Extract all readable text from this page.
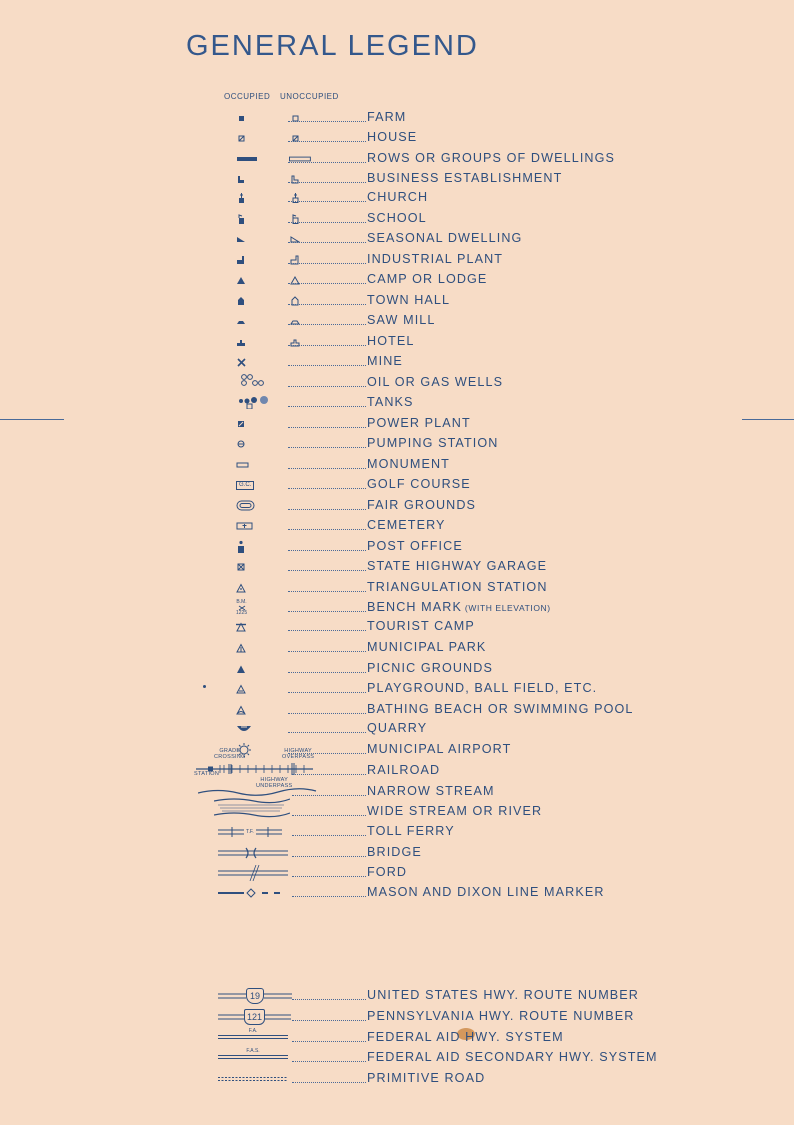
GENERAL LEGEND
OCCUPIED UNOCCUPIED
FARM
HOUSE
ROWS OR GROUPS OF DWELLINGS
BUSINESS ESTABLISHMENT
CHURCH
SCHOOL
SEASONAL DWELLING
INDUSTRIAL PLANT
CAMP OR LODGE
TOWN HALL
SAW MILL
HOTEL
MINE
OIL OR GAS WELLS
TANKS
POWER PLANT
PUMPING STATION
MONUMENT
G.C.	GOLF COURSE
FAIR GROUNDS
CEMETERY
POST OFFICE
STATE HIGHWAY GARAGE
TRIANGULATION STATION
B.M.
1225	BENCH MARK (WITH ELEVATION)
TOURIST CAMP
MUNICIPAL PARK
PICNIC GROUNDS
PLAYGROUND, BALL FIELD, ETC.
BATHING BEACH OR SWIMMING POOL
QUARRY
MUNICIPAL AIRPORT
RAILROAD
NARROW STREAM
WIDE STREAM OR RIVER
T.F.	TOLL FERRY
BRIDGE
FORD
MASON AND DIXON LINE MARKER
19	UNITED STATES HWY. ROUTE NUMBER
121	PENNSYLVANIA HWY. ROUTE NUMBER
F.A.	FEDERAL AID HWY. SYSTEM
F.A.S.	FEDERAL AID SECONDARY HWY. SYSTEM
PRIMITIVE ROAD
GRADE
CROSSING
HIGHWAY
OVERPASS
STATION
HIGHWAY
UNDERPASS
